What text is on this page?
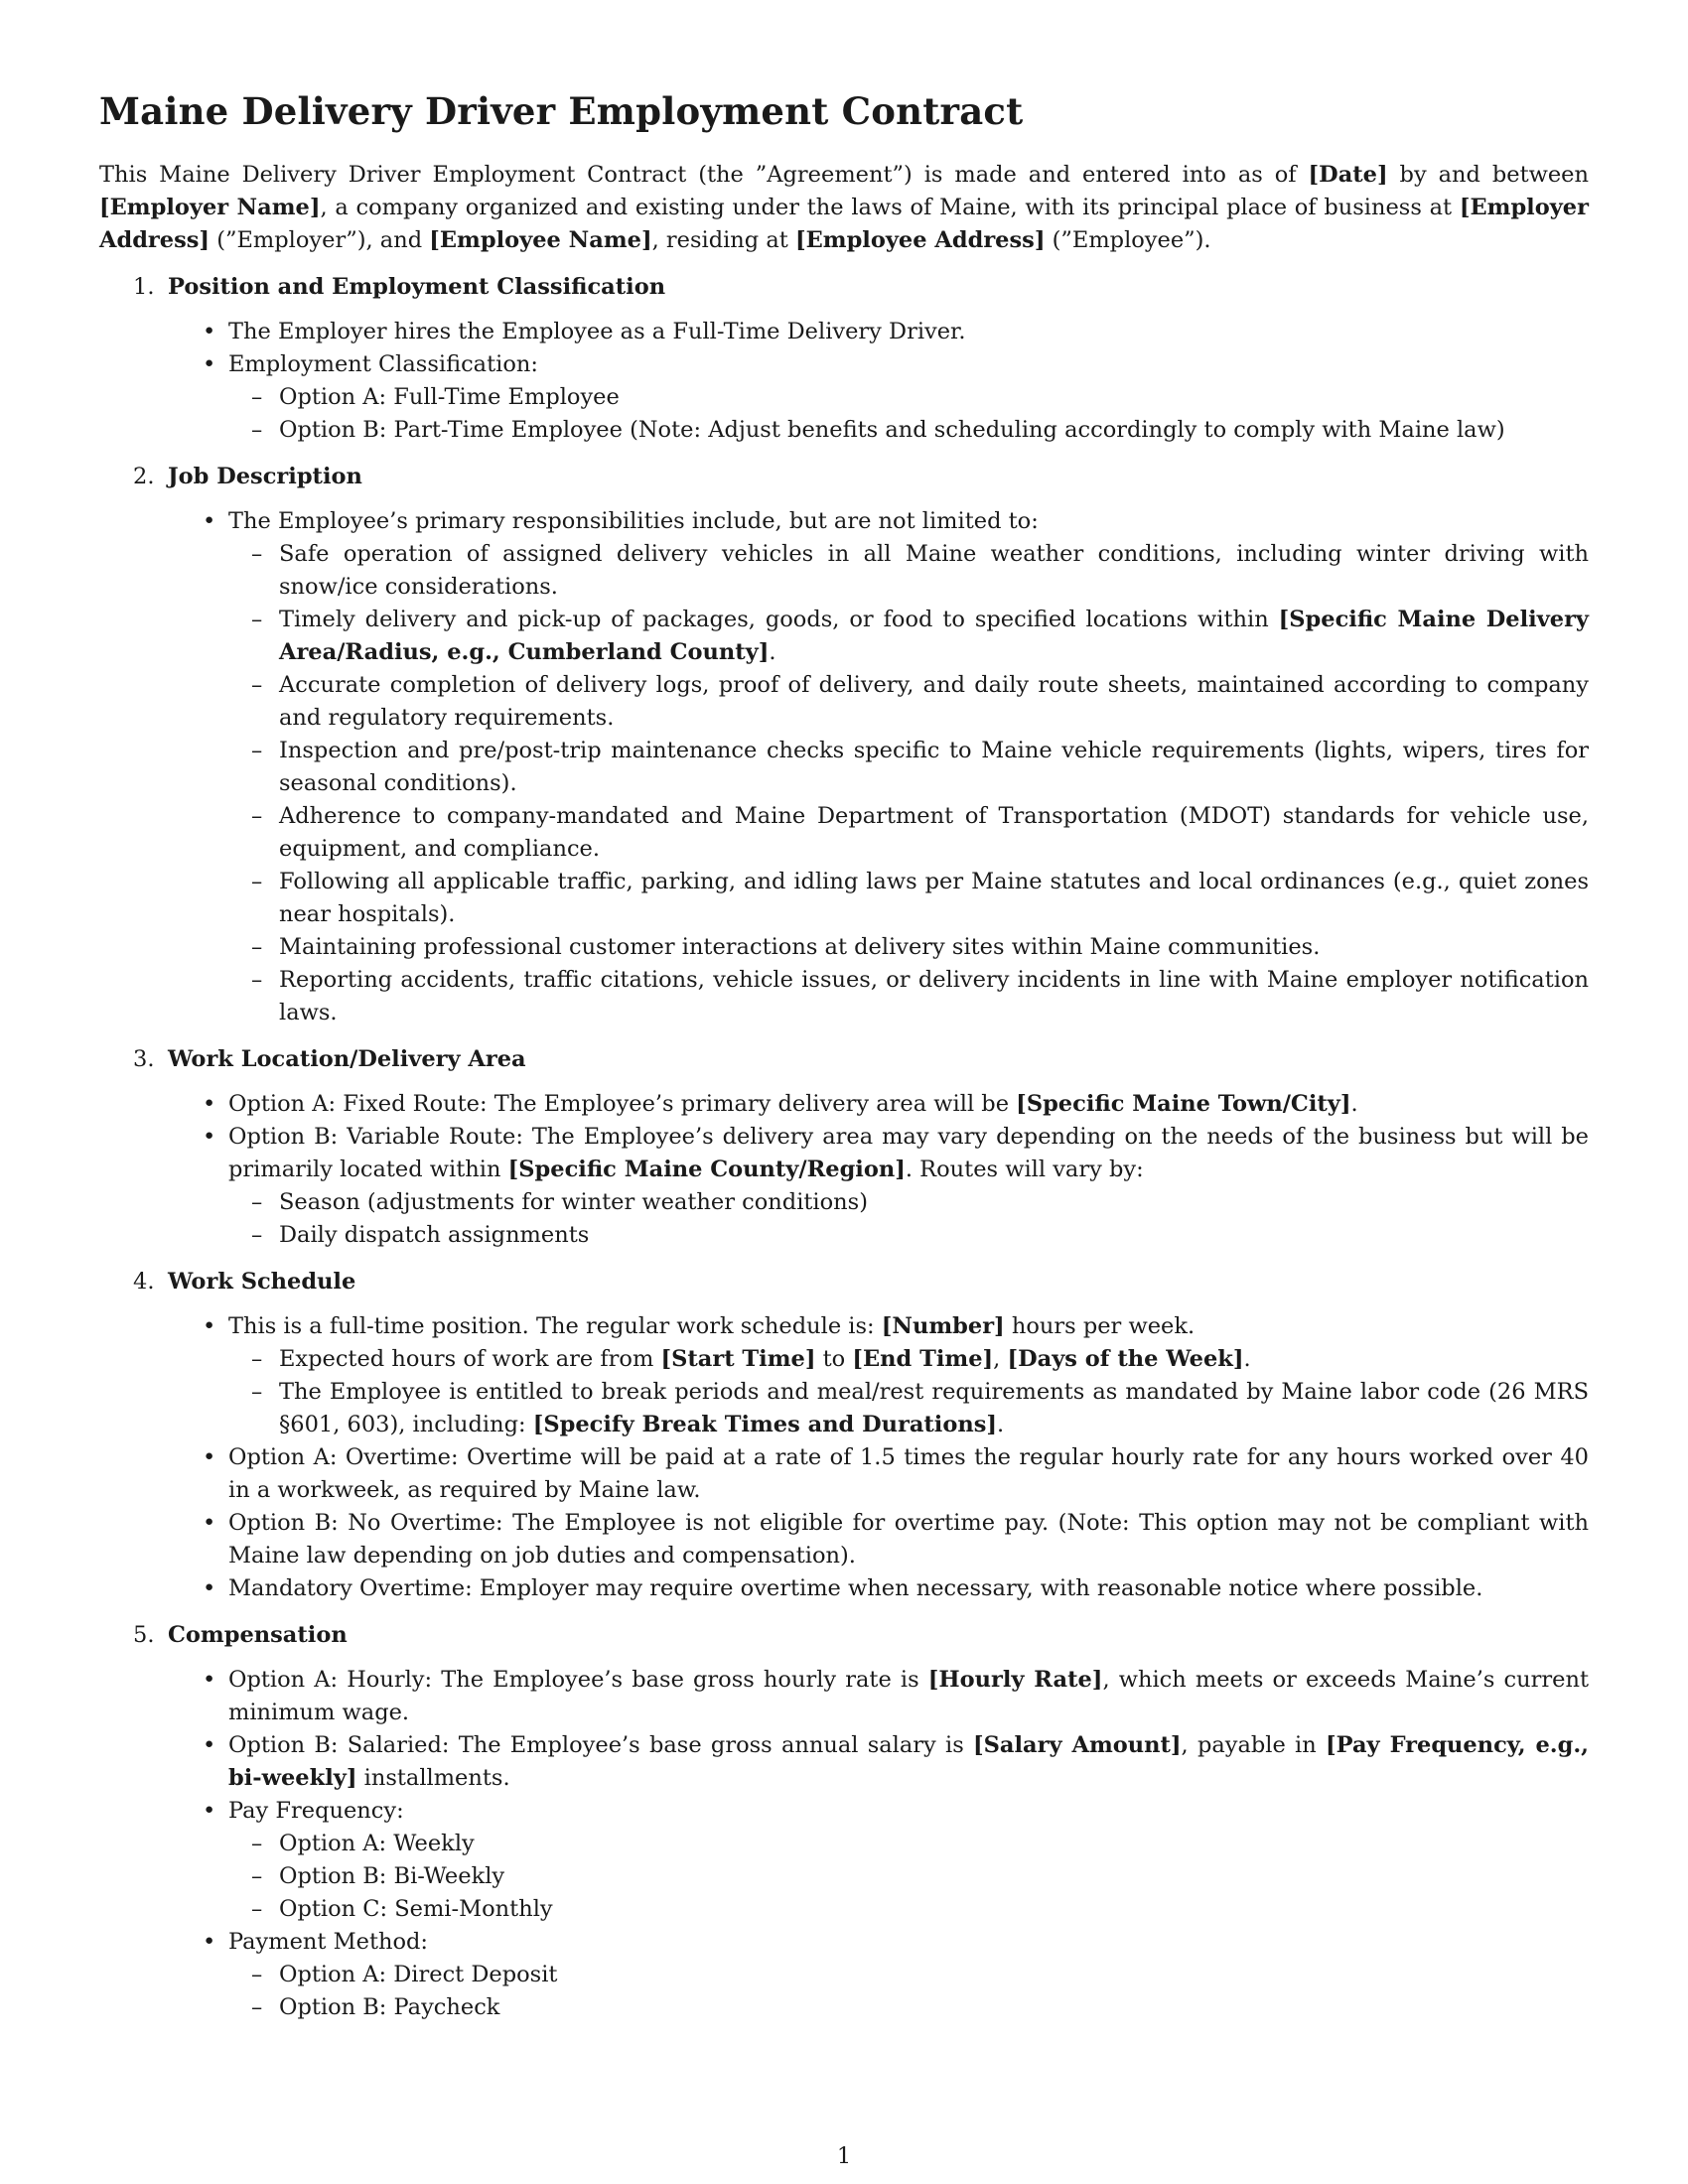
Maine Delivery Driver Employment Contract

This Maine Delivery Driver Employment Contract (the ”Agreement”) is made and entered into as of [Date] by and between [Employer Name], a company organized and existing under the laws of Maine, with its principal place of business at [Employer Address] (”Employer”), and [Employee Name], residing at [Employee Address] (”Employee”).

1. Position and Employment Classification
• The Employer hires the Employee as a Full-Time Delivery Driver.
• Employment Classification:
– Option A: Full-Time Employee
– Option B: Part-Time Employee (Note: Adjust benefits and scheduling accordingly to comply with Maine law)
2. Job Description
• The Employee’s primary responsibilities include, but are not limited to:
– Safe operation of assigned delivery vehicles in all Maine weather conditions, including winter driving with snow/ice considerations.
– Timely delivery and pick-up of packages, goods, or food to specified locations within [Specific Maine Delivery Area/Radius, e.g., Cumberland County].
– Accurate completion of delivery logs, proof of delivery, and daily route sheets, maintained according to company and regulatory requirements.
– Inspection and pre/post-trip maintenance checks specific to Maine vehicle requirements (lights, wipers, tires for seasonal conditions).
– Adherence to company-mandated and Maine Department of Transportation (MDOT) standards for vehicle use, equipment, and compliance.
– Following all applicable traffic, parking, and idling laws per Maine statutes and local ordinances (e.g., quiet zones near hospitals).
– Maintaining professional customer interactions at delivery sites within Maine communities.
– Reporting accidents, traffic citations, vehicle issues, or delivery incidents in line with Maine employer notification laws.
3. Work Location/Delivery Area
• Option A: Fixed Route: The Employee’s primary delivery area will be [Specific Maine Town/City].
• Option B: Variable Route: The Employee’s delivery area may vary depending on the needs of the business but will be primarily located within [Specific Maine County/Region]. Routes will vary by:
– Season (adjustments for winter weather conditions)
– Daily dispatch assignments
4. Work Schedule
• This is a full-time position. The regular work schedule is: [Number] hours per week.
– Expected hours of work are from [Start Time] to [End Time], [Days of the Week].
– The Employee is entitled to break periods and meal/rest requirements as mandated by Maine labor code (26 MRS §601, 603), including: [Specify Break Times and Durations].
• Option A: Overtime: Overtime will be paid at a rate of 1.5 times the regular hourly rate for any hours worked over 40 in a workweek, as required by Maine law.
• Option B: No Overtime: The Employee is not eligible for overtime pay. (Note: This option may not be compliant with Maine law depending on job duties and compensation).
• Mandatory Overtime: Employer may require overtime when necessary, with reasonable notice where possible.
5. Compensation
• Option A: Hourly: The Employee’s base gross hourly rate is [Hourly Rate], which meets or exceeds Maine’s current minimum wage.
• Option B: Salaried: The Employee’s base gross annual salary is [Salary Amount], payable in [Pay Frequency, e.g., bi-weekly] installments.
• Pay Frequency:
– Option A: Weekly
– Option B: Bi-Weekly
– Option C: Semi-Monthly
• Payment Method:
– Option A: Direct Deposit
– Option B: Paycheck
1
